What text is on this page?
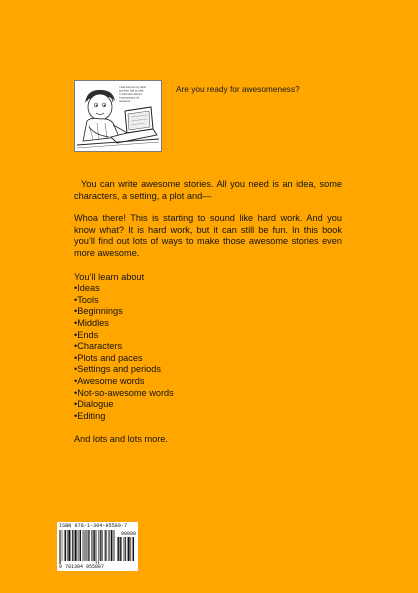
I was bored at my desk
and then had an idea.
I could write about it.
It was going to be
awesome.
Are you ready for awesomeness?

You can write awesome stories. All you need is an idea, some characters, a setting, a plot and—

Whoa there! This is starting to sound like hard work. And you know what? It is hard work, but it can still be fun. In this book you’ll find out lots of ways to make those awesome stories even more awesome.

You’ll learn about

•Ideas
•Tools
•Beginnings
•Middles
•Ends
•Characters
•Plots and paces
•Settings and periods
•Awesome words
•Not-so-awesome words
•Dialogue
•Editing

And lots and lots more.

ISBN 978-1-304-95580-7
90000
9 781304 955807
